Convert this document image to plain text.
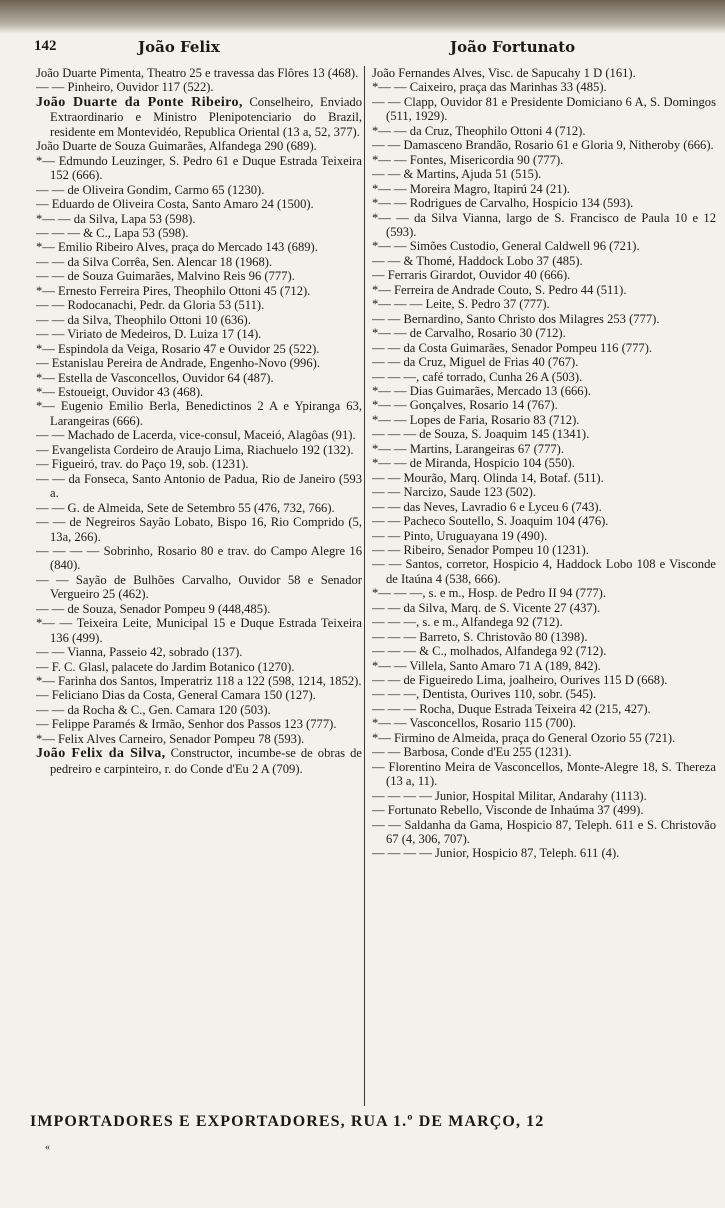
142	João Felix	João Fortunato

João Duarte Pimenta, Theatro 25 e travessa das Flôres 13 (468).

— — Pinheiro, Ouvidor 117 (522).

João Duarte da Ponte Ribeiro, Conselheiro, Enviado Extraordinario e Ministro Plenipotenciario do Brazil, residente em Montevidéo, Republica Oriental (13 a, 52, 377).

João Duarte de Souza Guimarães, Alfandega 290 (689).

*— Edmundo Leuzinger, S. Pedro 61 e Duque Estrada Teixeira 152 (666).

— — de Oliveira Gondim, Carmo 65 (1230).

— Eduardo de Oliveira Costa, Santo Amaro 24 (1500).

*— — da Silva, Lapa 53 (598).

— — — & C., Lapa 53 (598).

*— Emilio Ribeiro Alves, praça do Mercado 143 (689).

— — da Silva Corrêa, Sen. Alencar 18 (1968).

— — de Souza Guimarães, Malvino Reis 96 (777).

*— Ernesto Ferreira Pires, Theophilo Ottoni 45 (712).

— — Rodocanachi, Pedr. da Gloria 53 (511).

— — da Silva, Theophilo Ottoni 10 (636).

— — Viriato de Medeiros, D. Luiza 17 (14).

*— Espindola da Veiga, Rosario 47 e Ouvidor 25 (522).

— Estanislau Pereira de Andrade, Engenho-Novo (996).

*— Estella de Vasconcellos, Ouvidor 64 (487).

*— Estoueigt, Ouvidor 43 (468).

*— Eugenio Emilio Berla, Benedictinos 2 A e Ypiranga 63, Larangeiras (666).

— — Machado de Lacerda, vice-consul, Maceió, Alagôas (91).

— Evangelista Cordeiro de Araujo Lima, Riachuelo 192 (132).

— Figueiró, trav. do Paço 19, sob. (1231).

— — da Fonseca, Santo Antonio de Padua, Rio de Janeiro (593 a.

— — G. de Almeida, Sete de Setembro 55 (476, 732, 766).

— — de Negreiros Sayão Lobato, Bispo 16, Rio Comprido (5, 13a, 266).

— — — — Sobrinho, Rosario 80 e trav. do Campo Alegre 16 (840).

— — Sayão de Bulhões Carvalho, Ouvidor 58 e Senador Vergueiro 25 (462).

— — de Souza, Senador Pompeu 9 (448,485).

*— — Teixeira Leite, Municipal 15 e Duque Estrada Teixeira 136 (499).

— — Vianna, Passeio 42, sobrado (137).

— F. C. Glasl, palacete do Jardim Botanico (1270).

*— Farinha dos Santos, Imperatriz 118 a 122 (598, 1214, 1852).

— Feliciano Dias da Costa, General Camara 150 (127).

— — da Rocha & C., Gen. Camara 120 (503).

— Felippe Paramés & Irmão, Senhor dos Passos 123 (777).

*— Felix Alves Carneiro, Senador Pompeu 78 (593).

João Felix da Silva, Constructor, incumbe-se de obras de pedreiro e carpinteiro, r. do Conde d'Eu 2 A (709).

João Fernandes Alves, Visc. de Sapucahy 1 D (161).

*— — Caixeiro, praça das Marinhas 33 (485).

— — Clapp, Ouvidor 81 e Presidente Domiciano 6 A, S. Domingos (511, 1929).

*— — da Cruz, Theophilo Ottoni 4 (712).

— — Damasceno Brandão, Rosario 61 e Gloria 9, Nitheroby (666).

*— — Fontes, Misericordia 90 (777).

— — & Martins, Ajuda 51 (515).

*— — Moreira Magro, Itapirú 24 (21).

*— — Rodrigues de Carvalho, Hospicio 134 (593).

*— — da Silva Vianna, largo de S. Francisco de Paula 10 e 12 (593).

*— — Simões Custodio, General Caldwell 96 (721).

— — & Thomé, Haddock Lobo 37 (485).

— Ferraris Girardot, Ouvidor 40 (666).

*— Ferreira de Andrade Couto, S. Pedro 44 (511).

*— — — Leite, S. Pedro 37 (777).

— — Bernardino, Santo Christo dos Milagres 253 (777).

*— — de Carvalho, Rosario 30 (712).

— — da Costa Guimarães, Senador Pompeu 116 (777).

— — da Cruz, Miguel de Frias 40 (767).

— — —, café torrado, Cunha 26 A (503).

*— — Dias Guimarães, Mercado 13 (666).

*— — Gonçalves, Rosario 14 (767).

*— — Lopes de Faria, Rosario 83 (712).

— — — de Souza, S. Joaquim 145 (1341).

*— — Martins, Larangeiras 67 (777).

*— — de Miranda, Hospicio 104 (550).

— — Mourão, Marq. Olinda 14, Botaf. (511).

— — Narcizo, Saude 123 (502).

— — das Neves, Lavradio 6 e Lyceu 6 (743).

— — Pacheco Soutello, S. Joaquim 104 (476).

— — Pinto, Uruguayana 19 (490).

— — Ribeiro, Senador Pompeu 10 (1231).

— — Santos, corretor, Hospicio 4, Haddock Lobo 108 e Visconde de Itaúna 4 (538, 666).

*— — —, s. e m., Hosp. de Pedro II 94 (777).

— — da Silva, Marq. de S. Vicente 27 (437).

— — —, s. e m., Alfandega 92 (712).

— — — Barreto, S. Christovão 80 (1398).

— — — & C., molhados, Alfandega 92 (712).

*— — Villela, Santo Amaro 71 A (189, 842).

— — de Figueiredo Lima, joalheiro, Ourives 115 D (668).

— — —, Dentista, Ourives 110, sobr. (545).

— — — Rocha, Duque Estrada Teixeira 42 (215, 427).

*— — Vasconcellos, Rosario 115 (700).

*— Firmino de Almeida, praça do General Ozorio 55 (721).

— — Barbosa, Conde d'Eu 255 (1231).

— Florentino Meira de Vasconcellos, Monte-Alegre 18, S. Thereza (13 a, 11).

— — — — Junior, Hospital Militar, Andarahy (1113).

— Fortunato Rebello, Visconde de Inhaúma 37 (499).

— — Saldanha da Gama, Hospicio 87, Teleph. 611 e S. Christovão 67 (4, 306, 707).

— — — — Junior, Hospicio 87, Teleph. 611 (4).

IMPORTADORES E EXPORTADORES, RUA 1.º DE MARÇO, 12
«
